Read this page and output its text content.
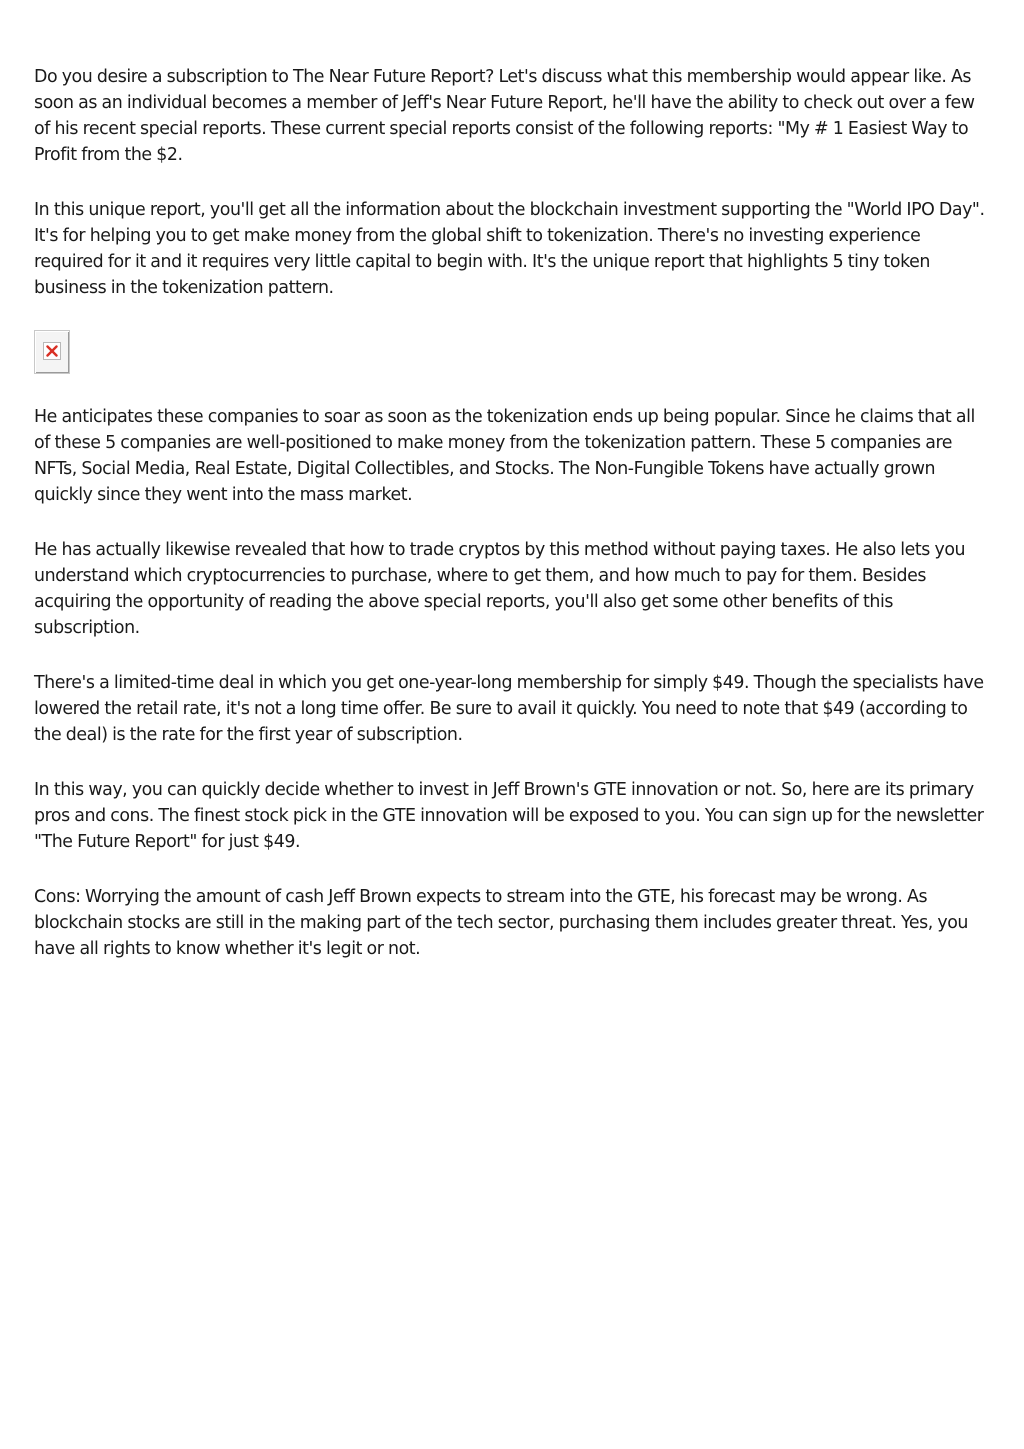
Do you desire a subscription to The Near Future Report? Let's discuss what this membership would appear like. As soon as an individual becomes a member of Jeff's Near Future Report, he'll have the ability to check out over a few of his recent special reports. These current special reports consist of the following reports: "My # 1 Easiest Way to Profit from the $2.

In this unique report, you'll get all the information about the blockchain investment supporting the "World IPO Day". It's for helping you to get make money from the global shift to tokenization. There's no investing experience required for it and it requires very little capital to begin with. It's the unique report that highlights 5 tiny token business in the tokenization pattern.

He anticipates these companies to soar as soon as the tokenization ends up being popular. Since he claims that all of these 5 companies are well-positioned to make money from the tokenization pattern. These 5 companies are NFTs, Social Media, Real Estate, Digital Collectibles, and Stocks. The Non-Fungible Tokens have actually grown quickly since they went into the mass market.

He has actually likewise revealed that how to trade cryptos by this method without paying taxes. He also lets you understand which cryptocurrencies to purchase, where to get them, and how much to pay for them. Besides acquiring the opportunity of reading the above special reports, you'll also get some other benefits of this subscription.

There's a limited-time deal in which you get one-year-long membership for simply $49. Though the specialists have lowered the retail rate, it's not a long time offer. Be sure to avail it quickly. You need to note that $49 (according to the deal) is the rate for the first year of subscription.

In this way, you can quickly decide whether to invest in Jeff Brown's GTE innovation or not. So, here are its primary pros and cons. The finest stock pick in the GTE innovation will be exposed to you. You can sign up for the newsletter "The Future Report" for just $49.

Cons: Worrying the amount of cash Jeff Brown expects to stream into the GTE, his forecast may be wrong. As blockchain stocks are still in the making part of the tech sector, purchasing them includes greater threat. Yes, you have all rights to know whether it's legit or not.
